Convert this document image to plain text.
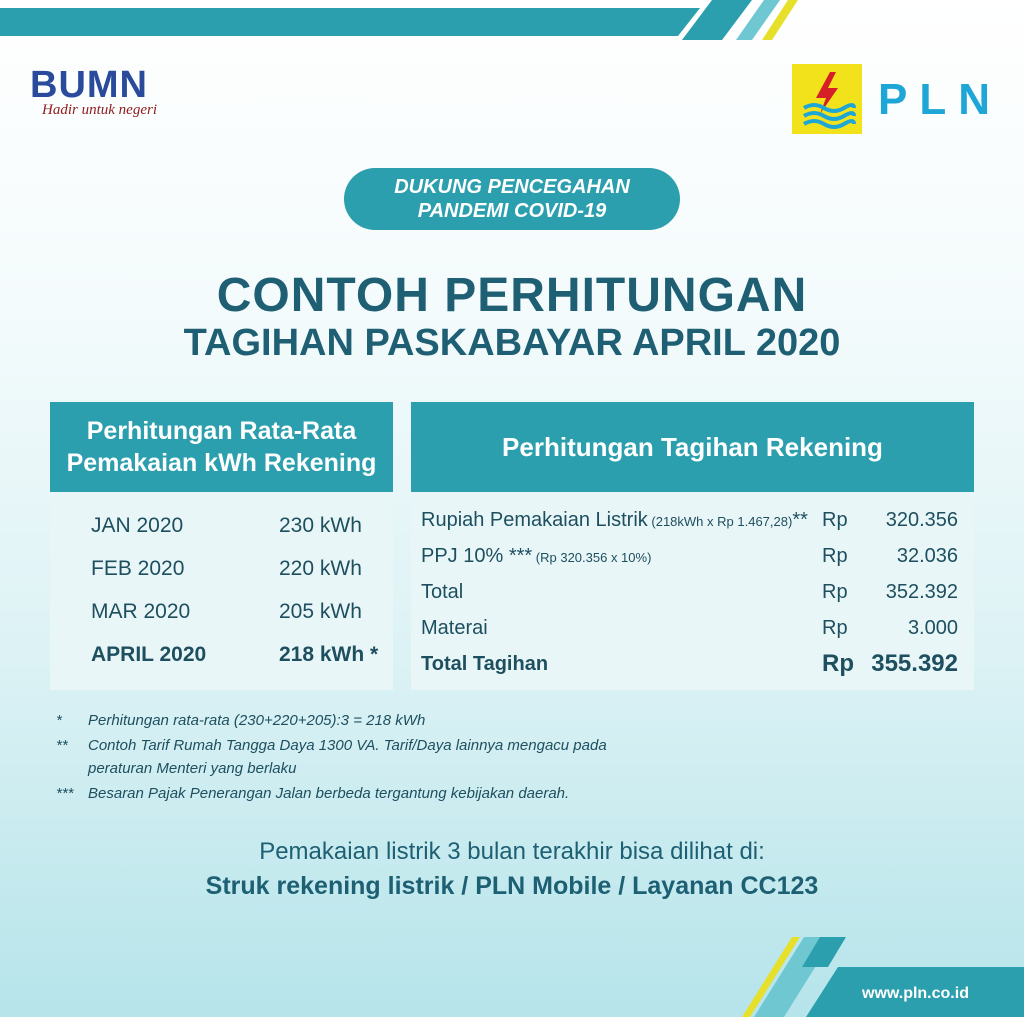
BUMN
Hadir untuk negeri	PLN
DUKUNG PENCEGAHAN
PANDEMI COVID-19
CONTOH PERHITUNGAN
TAGIHAN PASKABAYAR APRIL 2020
Perhitungan Rata-Rata
Pemakaian kWh Rekening
JAN 2020	230 kWh
FEB 2020	220 kWh
MAR 2020	205 kWh
APRIL 2020	218 kWh *
Perhitungan Tagihan Rekening
Rupiah Pemakaian Listrik (218kWh x Rp 1.467,28)** Rp 320.356
PPJ 10% *** (Rp 320.356 x 10%)	Rp 32.036
Total	Rp 352.392
Materai	Rp	3.000
Total Tagihan	Rp 355.392
* Perhitungan rata-rata (230+220+205):3 = 218 kWh
** Contoh Tarif Rumah Tangga Daya 1300 VA. Tarif/Daya lainnya mengacu pada
peraturan Menteri yang berlaku
*** Besaran Pajak Penerangan Jalan berbeda tergantung kebijakan daerah.
Pemakaian listrik 3 bulan terakhir bisa dilihat di:
Struk rekening listrik / PLN Mobile / Layanan CC123
www.pln.co.id
